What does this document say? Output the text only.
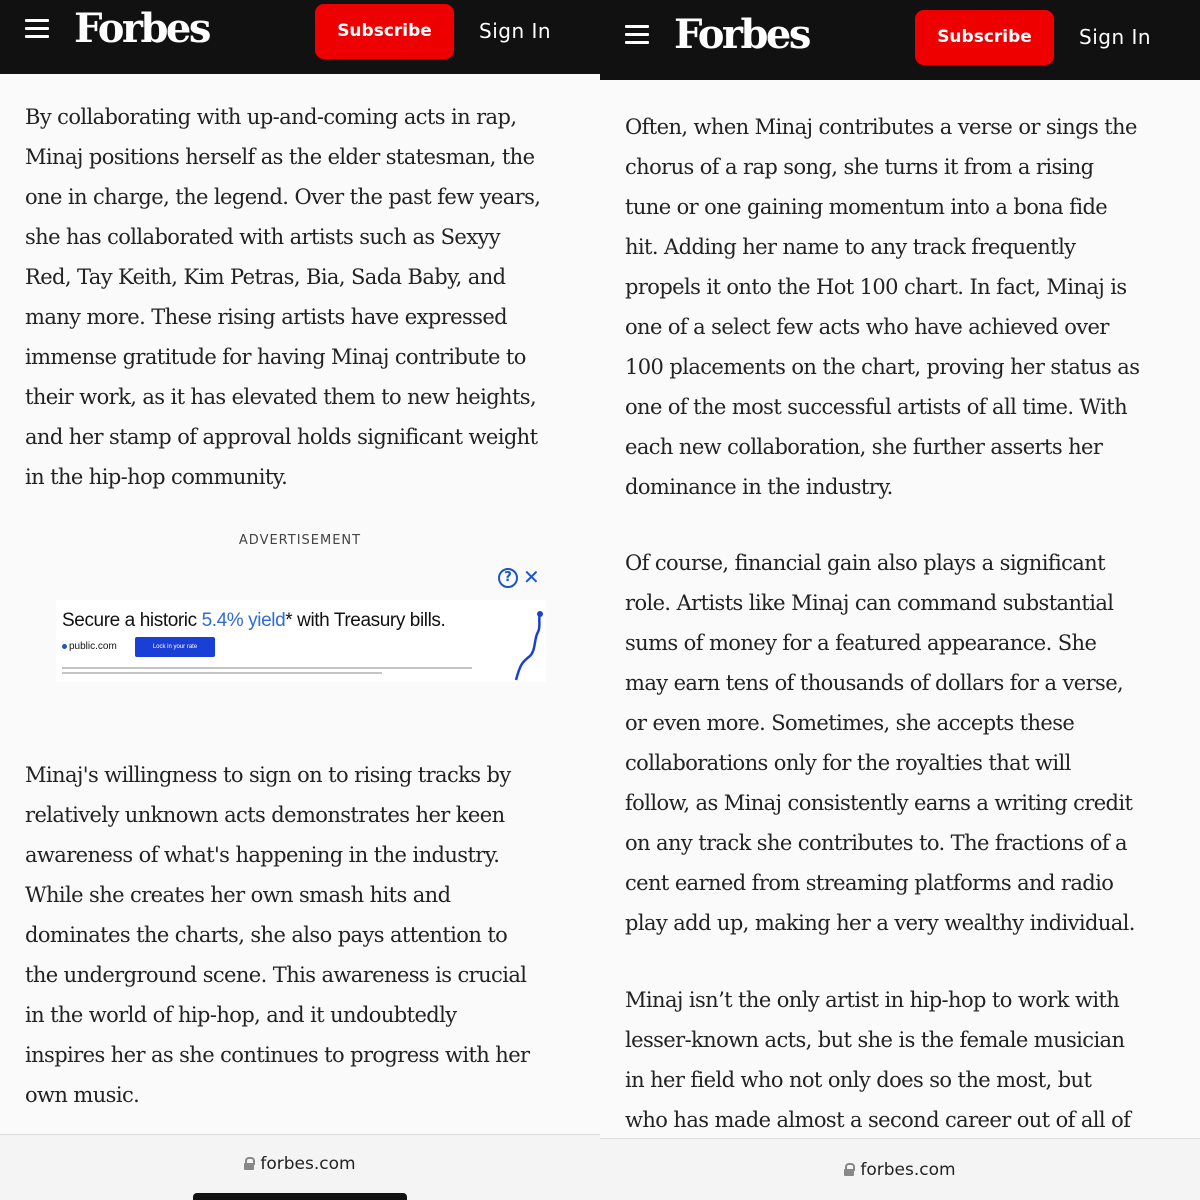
Forbes	Subscribe	Sign In

By collaborating with up-and-coming acts in rap,
Minaj positions herself as the elder statesman, the
one in charge, the legend. Over the past few years,
she has collaborated with artists such as Sexyy
Red, Tay Keith, Kim Petras, Bia, Sada Baby, and
many more. These rising artists have expressed
immense gratitude for having Minaj contribute to
their work, as it has elevated them to new heights,
and her stamp of approval holds significant weight
in the hip-hop community.

ADVERTISEMENT
? ✕
Secure a historic 5.4% yield* with Treasury bills.
public.com	Lock in your rate

Minaj's willingness to sign on to rising tracks by
relatively unknown acts demonstrates her keen
awareness of what's happening in the industry.
While she creates her own smash hits and
dominates the charts, she also pays attention to
the underground scene. This awareness is crucial
in the world of hip-hop, and it undoubtedly
inspires her as she continues to progress with her
own music.

forbes.com
Forbes	Subscribe	Sign In

Often, when Minaj contributes a verse or sings the
chorus of a rap song, she turns it from a rising
tune or one gaining momentum into a bona fide
hit. Adding her name to any track frequently
propels it onto the Hot 100 chart. In fact, Minaj is
one of a select few acts who have achieved over
100 placements on the chart, proving her status as
one of the most successful artists of all time. With
each new collaboration, she further asserts her
dominance in the industry.

Of course, financial gain also plays a significant
role. Artists like Minaj can command substantial
sums of money for a featured appearance. She
may earn tens of thousands of dollars for a verse,
or even more. Sometimes, she accepts these
collaborations only for the royalties that will
follow, as Minaj consistently earns a writing credit
on any track she contributes to. The fractions of a
cent earned from streaming platforms and radio
play add up, making her a very wealthy individual.

Minaj isn’t the only artist in hip-hop to work with
lesser-known acts, but she is the female musician
in her field who not only does so the most, but
who has made almost a second career out of all of

forbes.com
